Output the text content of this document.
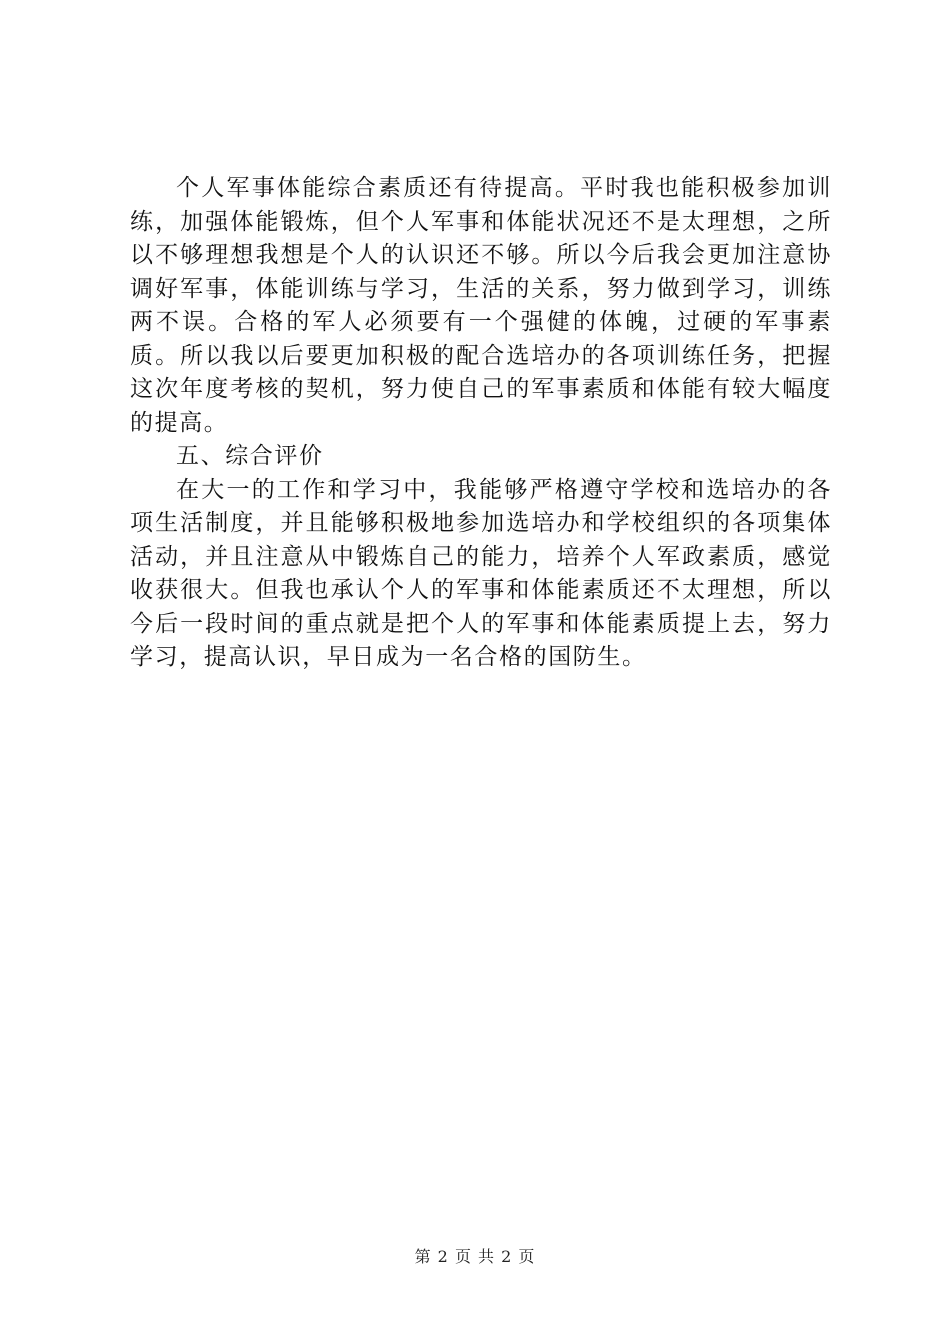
个人军事体能综合素质还有待提高。平时我也能积极参加训练，加强体能锻炼，但个人军事和体能状况还不是太理想，之所以不够理想我想是个人的认识还不够。所以今后我会更加注意协调好军事，体能训练与学习，生活的关系，努力做到学习，训练两不误。合格的军人必须要有一个强健的体魄，过硬的军事素质。所以我以后要更加积极的配合选培办的各项训练任务，把握这次年度考核的契机，努力使自己的军事素质和体能有较大幅度的提高。

五、综合评价

在大一的工作和学习中，我能够严格遵守学校和选培办的各项生活制度，并且能够积极地参加选培办和学校组织的各项集体活动，并且注意从中锻炼自己的能力，培养个人军政素质，感觉收获很大。但我也承认个人的军事和体能素质还不太理想，所以今后一段时间的重点就是把个人的军事和体能素质提上去，努力学习，提高认识，早日成为一名合格的国防生。

第 2 页 共 2 页
